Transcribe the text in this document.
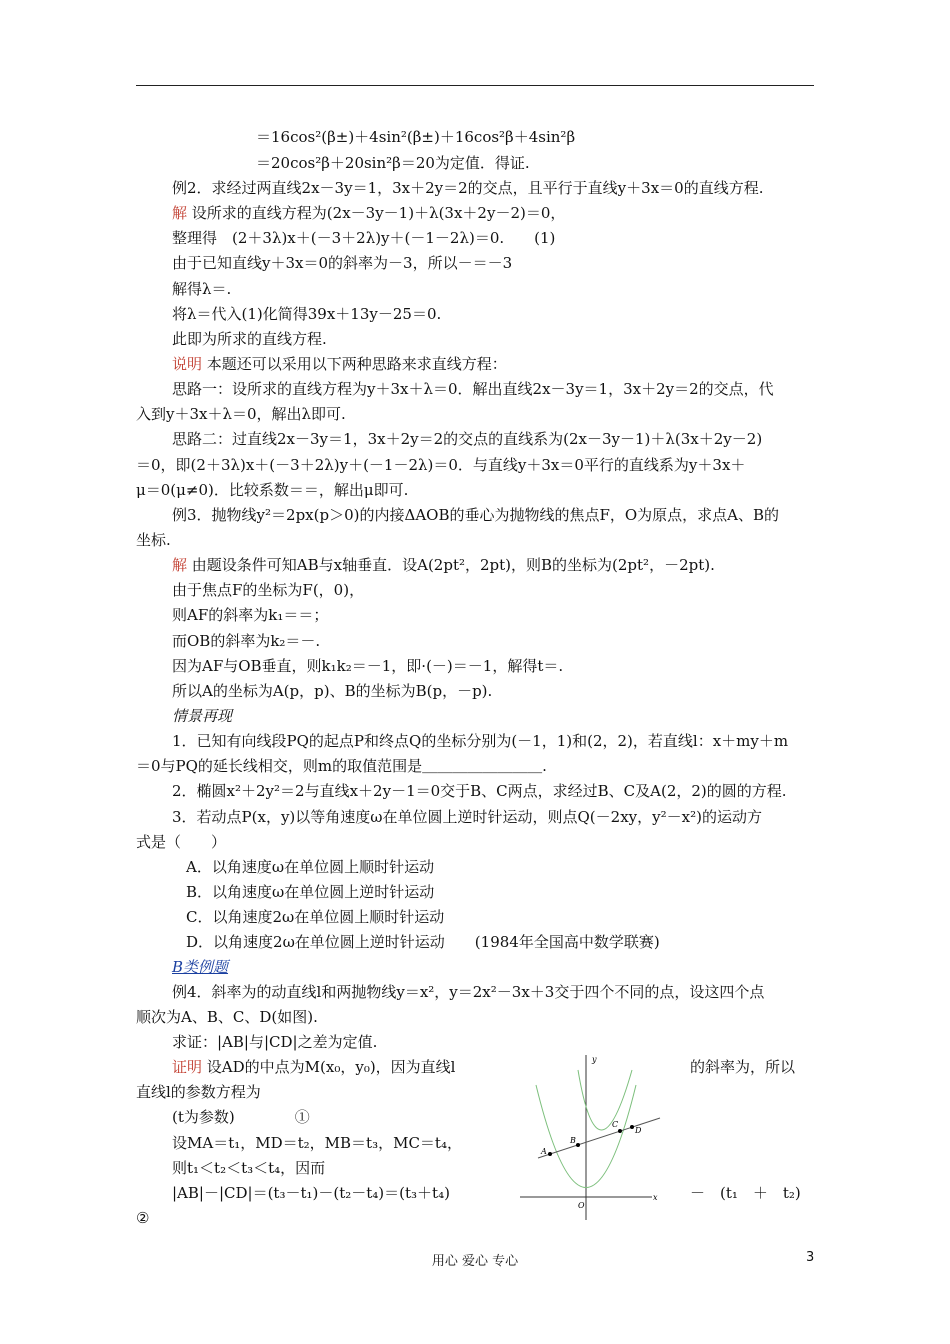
＝16cos²(β±)＋4sin²(β±)＋16cos²β＋4sin²β
＝20cos²β＋20sin²β＝20为定值．得证.
例2．求经过两直线2x－3y＝1，3x＋2y＝2的交点，且平行于直线y＋3x＝0的直线方程.
解 设所求的直线方程为(2x－3y－1)＋λ(3x＋2y－2)＝0，
整理得　(2＋3λ)x＋(－3＋2λ)y＋(－1－2λ)＝0.　　(1)
由于已知直线y＋3x＝0的斜率为－3，所以－＝－3
解得λ＝.
将λ＝代入(1)化简得39x＋13y－25＝0.
此即为所求的直线方程.
说明 本题还可以采用以下两种思路来求直线方程：
思路一：设所求的直线方程为y＋3x＋λ＝0．解出直线2x－3y＝1，3x＋2y＝2的交点，代
入到y＋3x＋λ＝0，解出λ即可.
思路二：过直线2x－3y＝1，3x＋2y＝2的交点的直线系为(2x－3y－1)＋λ(3x＋2y－2)
＝0，即(2＋3λ)x＋(－3＋2λ)y＋(－1－2λ)＝0．与直线y＋3x＝0平行的直线系为y＋3x＋
μ＝0(μ≠0)．比较系数＝＝，解出μ即可.
例3．抛物线y²＝2px(p＞0)的内接ΔAOB的垂心为抛物线的焦点F，O为原点，求点A、B的
坐标.
解 由题设条件可知AB与x轴垂直．设A(2pt²，2pt)，则B的坐标为(2pt²，－2pt).
由于焦点F的坐标为F(，0)，
则AF的斜率为k₁＝＝；
而OB的斜率为k₂＝－.
因为AF与OB垂直，则k₁k₂＝－1，即·(－)＝－1，解得t＝.
所以A的坐标为A(p，p)、B的坐标为B(p，－p).
情景再现
1．已知有向线段PQ的起点P和终点Q的坐标分别为(－1，1)和(2，2)，若直线l：x＋my＋m
＝0与PQ的延长线相交，则m的取值范围是＿＿＿＿＿＿＿＿.
2．椭圆x²＋2y²＝2与直线x＋2y－1＝0交于B、C两点，求经过B、C及A(2，2)的圆的方程.
3．若动点P(x，y)以等角速度ω在单位圆上逆时针运动，则点Q(－2xy，y²－x²)的运动方
式是（　　）
A．以角速度ω在单位圆上顺时针运动
B．以角速度ω在单位圆上逆时针运动
C．以角速度2ω在单位圆上顺时针运动
D．以角速度2ω在单位圆上逆时针运动　　(1984年全国高中数学联赛)
B类例题
例4．斜率为的动直线l和两抛物线y＝x²，y＝2x²－3x＋3交于四个不同的点，设这四个点
顺次为A、B、C、D(如图).
求证：|AB|与|CD|之差为定值.
证明 设AD的中点为M(x₀，y₀)，因为直线l	的斜率为，所以
直线l的参数方程为
(t为参数)　　　　①
设MA＝t₁，MD＝t₂，MB＝t₃，MC＝t₄，
则t₁＜t₂＜t₃＜t₄，因而
|AB|－|CD|＝(t₃－t₁)－(t₂－t₄)＝(t₃＋t₄)	－　(t₁　＋　t₂)
②
y
x
O
A
B
C
D
用心 爱心 专心	3
